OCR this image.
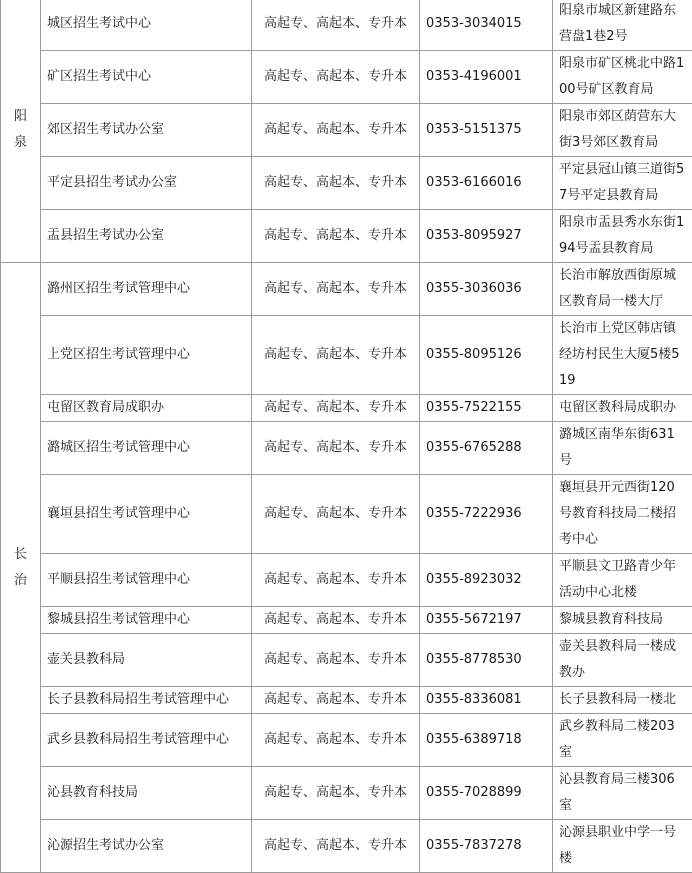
阳
泉	城区招生考试中心	高起专、高起本、专升本	0353-3034015	阳泉市城区新建路东营盘1巷2号
	矿区招生考试中心	高起专、高起本、专升本	0353-4196001	阳泉市矿区桃北中路100号矿区教育局
	郊区招生考试办公室	高起专、高起本、专升本	0353-5151375	阳泉市郊区荫营东大街3号郊区教育局
	平定县招生考试办公室	高起专、高起本、专升本	0353-6166016	平定县冠山镇三道街57号平定县教育局
	盂县招生考试办公室	高起专、高起本、专升本	0353-8095927	阳泉市盂县秀水东街194号盂县教育局

长
治	潞州区招生考试管理中心	高起专、高起本、专升本	0355-3036036	长治市解放西街原城区教育局一楼大厅
	上党区招生考试管理中心	高起专、高起本、专升本	0355-8095126	长治市上党区韩店镇经坊村民生大厦5楼519
	屯留区教育局成职办	高起专、高起本、专升本	0355-7522155	屯留区教科局成职办
	潞城区招生考试管理中心	高起专、高起本、专升本	0355-6765288	潞城区南华东街631号
	襄垣县招生考试管理中心	高起专、高起本、专升本	0355-7222936	襄垣县开元西街120号教育科技局二楼招考中心
	平顺县招生考试管理中心	高起专、高起本、专升本	0355-8923032	平顺县文卫路青少年活动中心北楼
	黎城县招生考试管理中心	高起专、高起本、专升本	0355-5672197	黎城县教育科技局
	壶关县教科局	高起专、高起本、专升本	0355-8778530	壶关县教科局一楼成教办
	长子县教科局招生考试管理中心	高起专、高起本、专升本	0355-8336081	长子县教科局一楼北
	武乡县教科局招生考试管理中心	高起专、高起本、专升本	0355-6389718	武乡教科局二楼203室
	沁县教育科技局	高起专、高起本、专升本	0355-7028899	沁县教育局三楼306室
	沁源招生考试办公室	高起专、高起本、专升本	0355-7837278	沁源县职业中学一号楼
